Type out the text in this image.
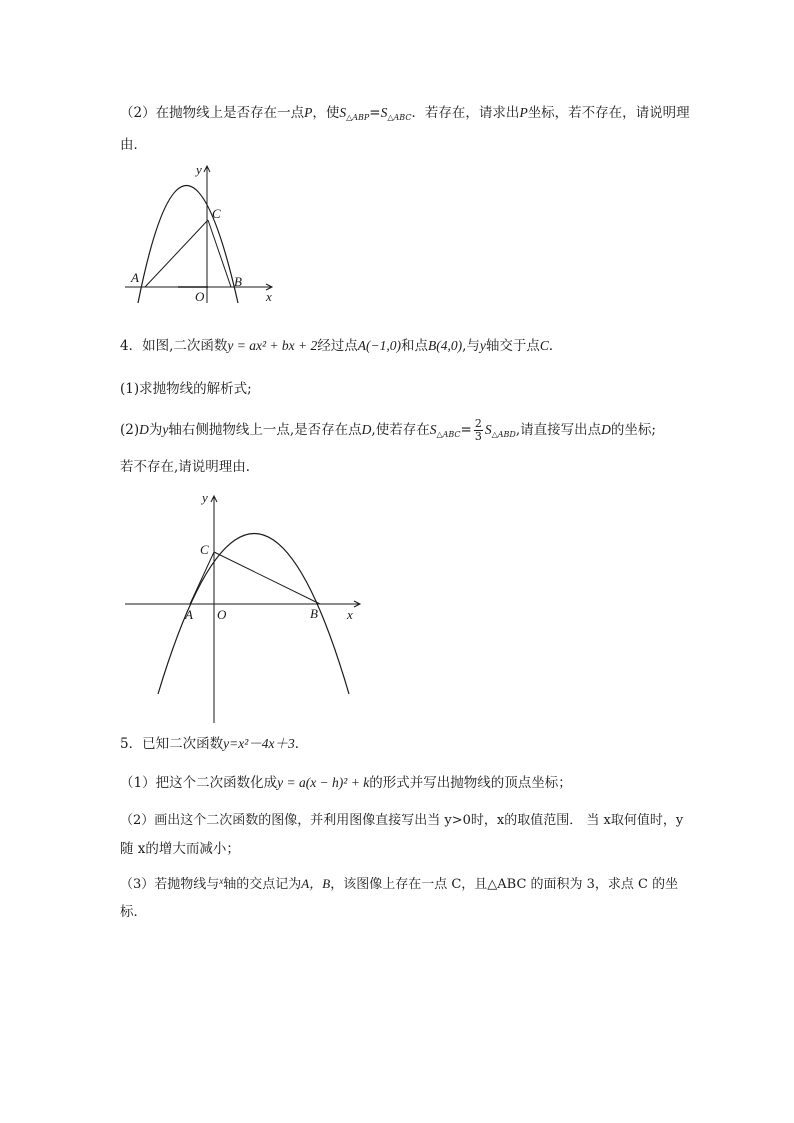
（2）在抛物线上是否存在一点P，使$S_{\triangle ABP}=S_{\triangle ABC}$．若存在，请求出P坐标，若不存在，请说明理
由．
y
x
C
A	B
O
4．如图,二次函数y = ax² + bx + 2经过点A(−1,0)和点B(4,0),与y轴交于点C．
(1)求抛物线的解析式;
(2)D为y轴右侧抛物线上一点,是否存在点D,使若存在$S_{\triangle ABC}= \frac{2}{3} S_{\triangle ABD}$,请直接写出点D的坐标;
若不存在,请说明理由．
y
x
C
A	B
O
5．已知二次函数y=x²－4x＋3．
（1）把这个二次函数化成y = a(x − h)² + k的形式并写出抛物线的顶点坐标；
（2）画出这个二次函数的图像，并利用图像直接写出当 y>0时，x的取值范围． 当 x取何值时，y
随 x的增大而减小；
（3）若抛物线与$^x$轴的交点记为A，B，该图像上存在一点 C，且△ABC 的面积为 3，求点 C 的坐
标．
